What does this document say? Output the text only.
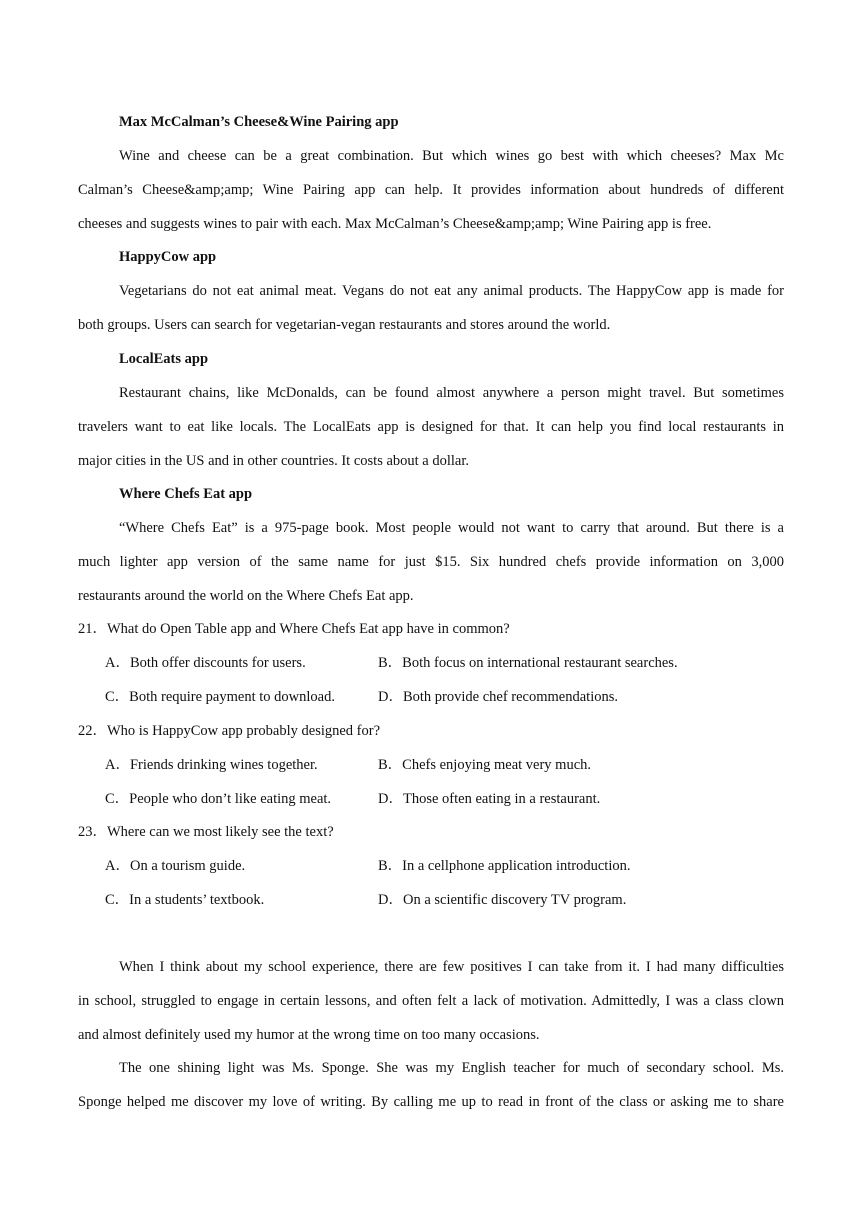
Max McCalman’s Cheese&Wine Pairing app
Wine and cheese can be a great combination. But which wines go best with which cheeses? Max Mc
Calman’s Cheese&amp;amp; Wine Pairing app can help. It provides information about hundreds of different
cheeses and suggests wines to pair with each. Max McCalman’s Cheese&amp;amp; Wine Pairing app is free.
HappyCow app
Vegetarians do not eat animal meat. Vegans do not eat any animal products. The HappyCow app is made for
both groups. Users can search for vegetarian-vegan restaurants and stores around the world.
LocalEats app
Restaurant chains, like McDonalds, can be found almost anywhere a person might travel. But sometimes
travelers want to eat like locals. The LocalEats app is designed for that. It can help you find local restaurants in
major cities in the US and in other countries. It costs about a dollar.
Where Chefs Eat app
“Where Chefs Eat” is a 975-page book. Most people would not want to carry that around. But there is a
much lighter app version of the same name for just $15. Six hundred chefs provide information on 3,000
restaurants around the world on the Where Chefs Eat app.
21．What do Open Table app and Where Chefs Eat app have in common?
A．Both offer discounts for users.	B．Both focus on international restaurant searches.
C．Both require payment to download.	D．Both provide chef recommendations.
22．Who is HappyCow app probably designed for?
A．Friends drinking wines together.	B．Chefs enjoying meat very much.
C．People who don’t like eating meat.	D．Those often eating in a restaurant.
23．Where can we most likely see the text?
A．On a tourism guide.	B．In a cellphone application introduction.
C．In a students’ textbook.	D．On a scientific discovery TV program.
When I think about my school experience, there are few positives I can take from it. I had many difficulties
in school, struggled to engage in certain lessons, and often felt a lack of motivation. Admittedly, I was a class clown
and almost definitely used my humor at the wrong time on too many occasions.
The one shining light was Ms. Sponge. She was my English teacher for much of secondary school. Ms.
Sponge helped me discover my love of writing. By calling me up to read in front of the class or asking me to share
